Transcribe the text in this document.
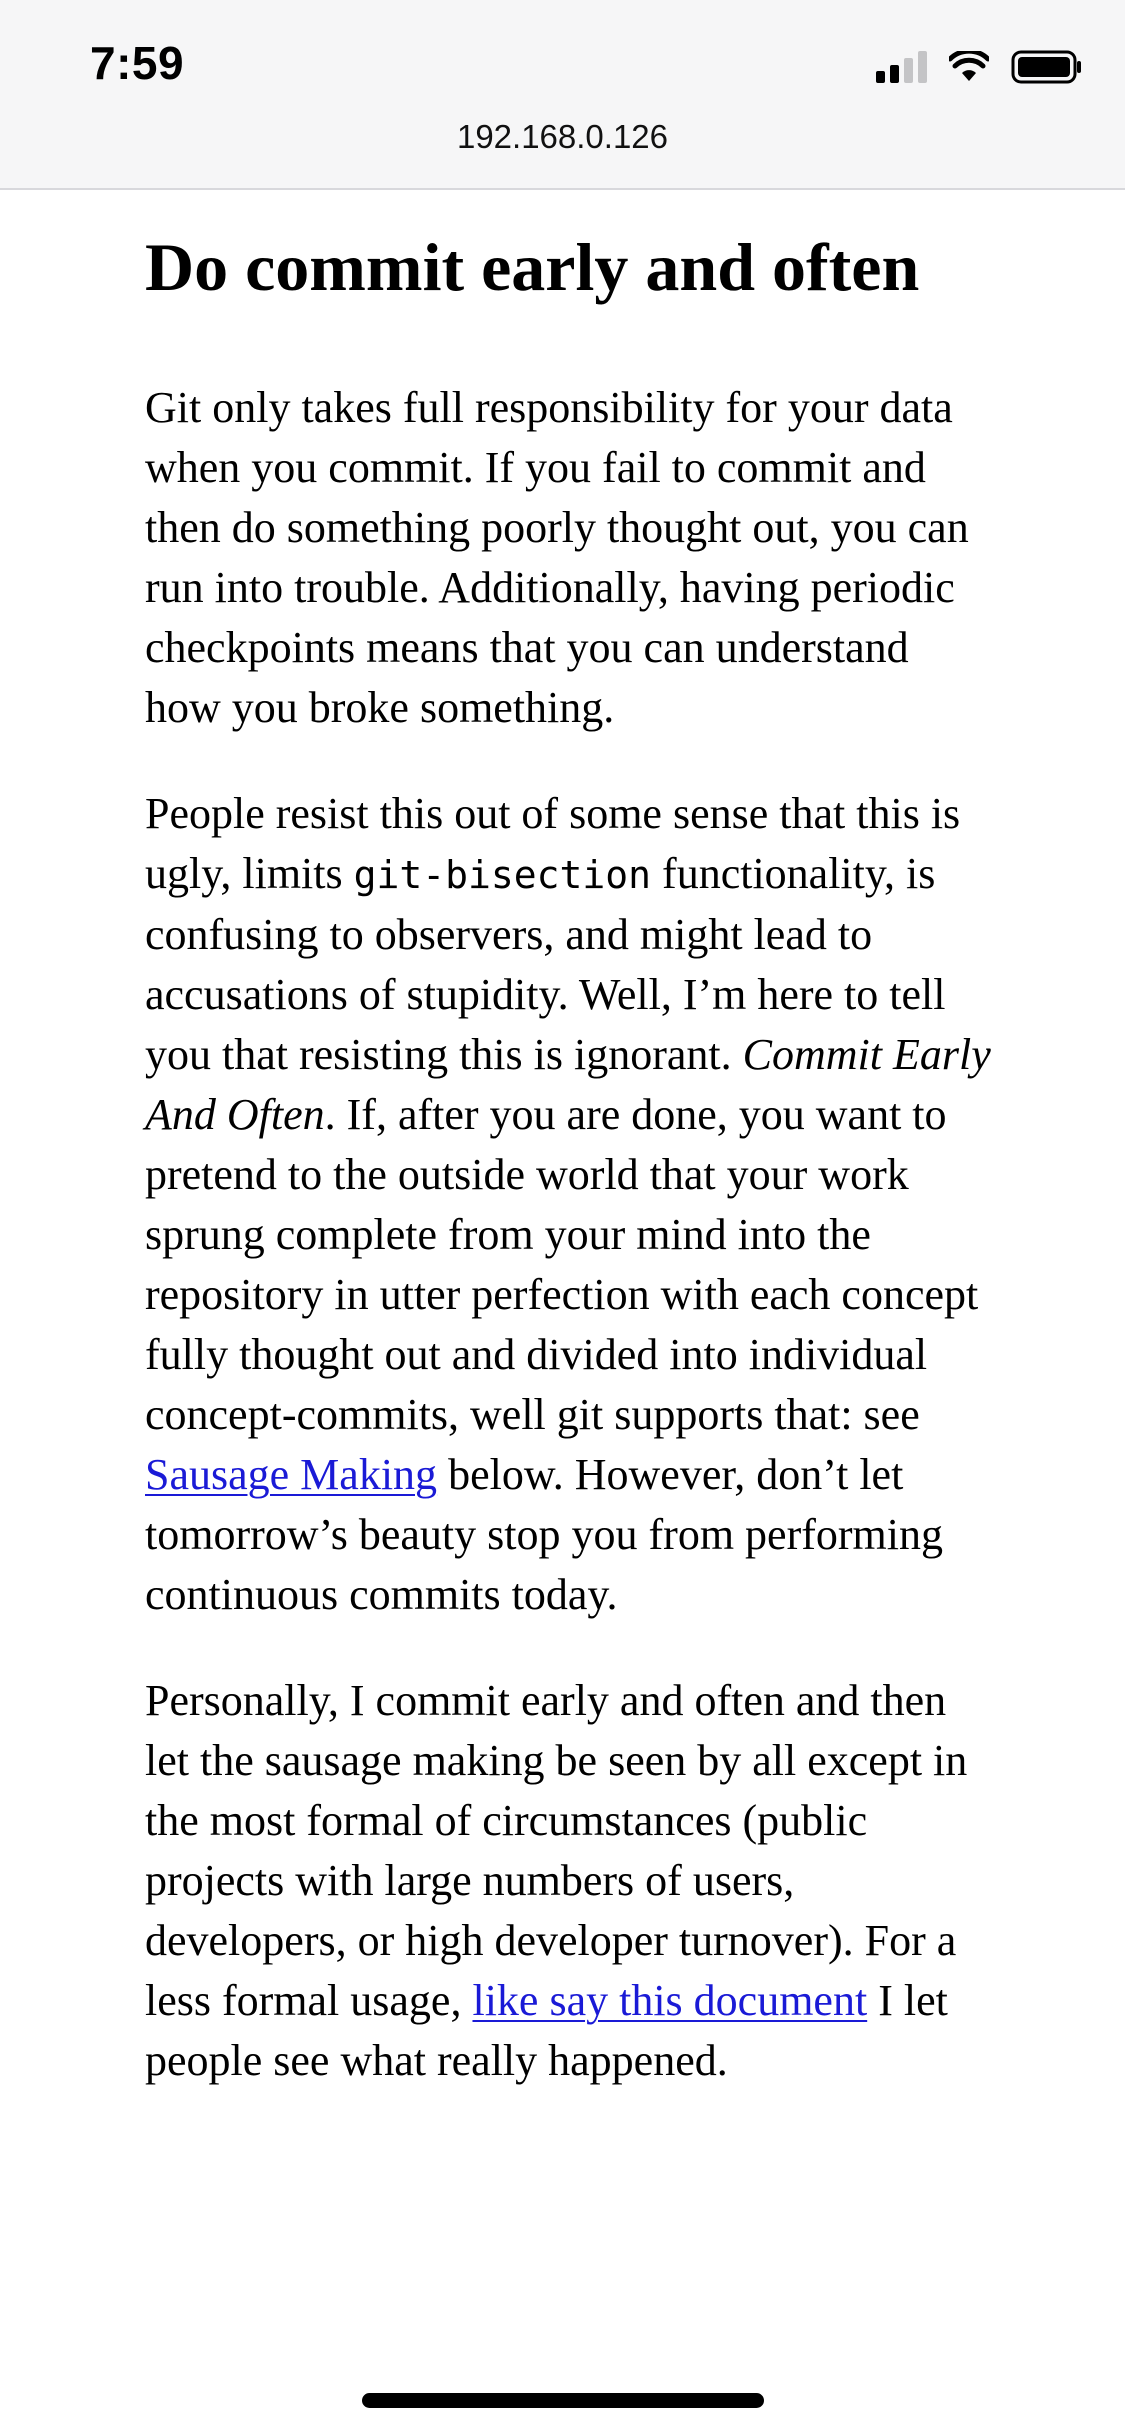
7:59
192.168.0.126
Do commit early and often

Git only takes full responsibility for your data when you commit. If you fail to commit and then do something poorly thought out, you can run into trouble. Additionally, having periodic checkpoints means that you can understand how you broke something.

People resist this out of some sense that this is ugly, limits git-bisection functionality, is confusing to observers, and might lead to accusations of stupidity. Well, I’m here to tell you that resisting this is ignorant. Commit Early And Often. If, after you are done, you want to pretend to the outside world that your work sprung complete from your mind into the repository in utter perfection with each concept fully thought out and divided into individual concept-commits, well git supports that: see Sausage Making below. However, don’t let tomorrow’s beauty stop you from performing continuous commits today.

Personally, I commit early and often and then let the sausage making be seen by all except in the most formal of circumstances (public projects with large numbers of users, developers, or high developer turnover). For a less formal usage, like say this document I let people see what really happened.
